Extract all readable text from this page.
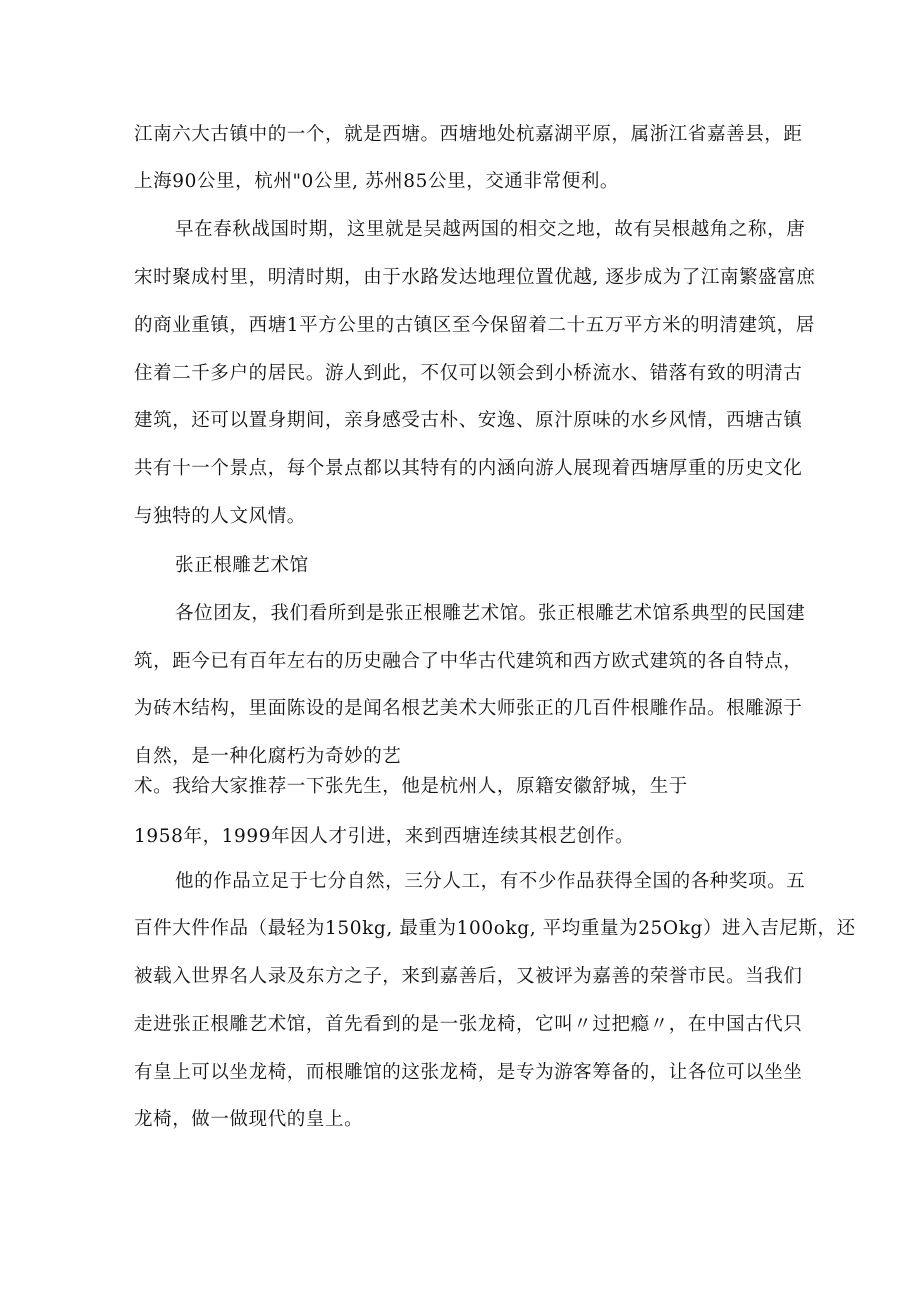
江南六大古镇中的一个，就是西塘。西塘地处杭嘉湖平原，属浙江省嘉善县，距
上海90公里，杭州"0公里, 苏州85公里，交通非常便利。
早在春秋战国时期，这里就是吴越两国的相交之地，故有吴根越角之称，唐
宋时聚成村里，明清时期，由于水路发达地理位置优越, 逐步成为了江南繁盛富庶
的商业重镇，西塘1平方公里的古镇区至今保留着二十五万平方米的明清建筑，居
住着二千多户的居民。游人到此，不仅可以领会到小桥流水、错落有致的明清古
建筑，还可以置身期间，亲身感受古朴、安逸、原汁原味的水乡风情，西塘古镇
共有十一个景点，每个景点都以其特有的内涵向游人展现着西塘厚重的历史文化
与独特的人文风情。
张正根雕艺术馆
各位团友，我们看所到是张正根雕艺术馆。张正根雕艺术馆系典型的民国建
筑，距今已有百年左右的历史融合了中华古代建筑和西方欧式建筑的各自特点，
为砖木结构，里面陈设的是闻名根艺美术大师张正的几百件根雕作品。根雕源于
自然，是一种化腐朽为奇妙的艺
术。我给大家推荐一下张先生，他是杭州人，原籍安徽舒城，生于
1958年，1999年因人才引进，来到西塘连续其根艺创作。
他的作品立足于七分自然，三分人工，有不少作品获得全国的各种奖项。五
百件大件作品（最轻为150kg, 最重为100okg, 平均重量为25Okg）进入吉尼斯，还
被载入世界名人录及东方之子，来到嘉善后，又被评为嘉善的荣誉市民。当我们
走进张正根雕艺术馆，首先看到的是一张龙椅，它叫〃过把瘾〃，在中国古代只
有皇上可以坐龙椅，而根雕馆的这张龙椅，是专为游客筹备的，让各位可以坐坐
龙椅，做一做现代的皇上。
